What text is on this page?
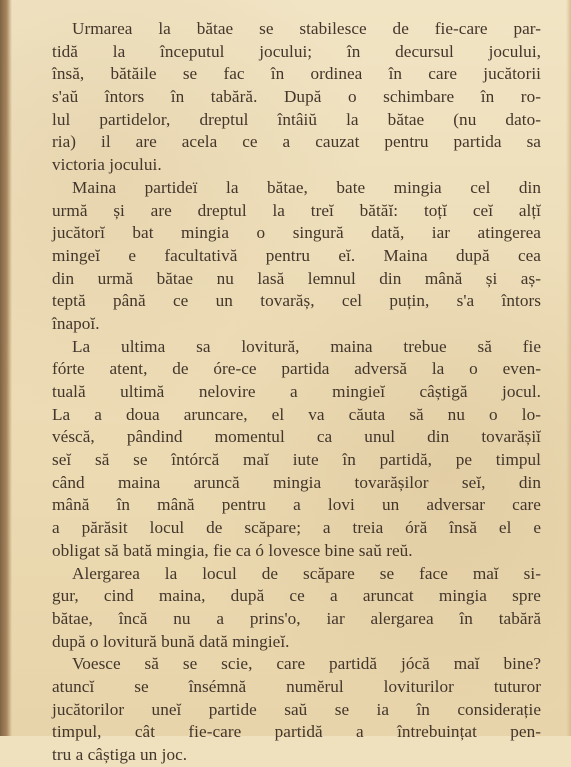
Urmarea la bătae se stabilesce de fie-care par-
tidă la începutul jocului; în decursul jocului,
însă, bătăile se fac în ordinea în care jucătorii
s'aŭ întors în tabără. După o schimbare în ro-
lul partidelor, dreptul întâiŭ la bătae (nu dato-
ria) il are acela ce a cauzat pentru partida sa
victoria jocului.
Maina partideï la bătae, bate mingia cel din
urmă și are dreptul la treĭ bătăĭ: toțĭ ceĭ alțĭ
jucătorĭ bat mingia o singură dată, iar atingerea
mingeĭ e facultativă pentru eĭ. Maina după cea
din urmă bătae nu lasă lemnul din mână și aș-
teptă până ce un tovarăș, cel puțin, s'a întors
înapoĭ.
La ultima sa lovitură, maina trebue să fie
fórte atent, de óre-ce partida adversă la o even-
tuală ultimă nelovire a mingieĭ câștigă jocul.
La a doua aruncare, el va căuta să nu o lo-
véscă, pândind momentul ca unul din tovarășiĭ
seĭ să se întórcă maĭ iute în partidă, pe timpul
când maina aruncă mingia tovarășilor seĭ, din
mână în mână pentru a lovi un adversar care
a părăsit locul de scăpare; a treia óră însă el e
obligat să bată mingia, fie ca ó lovesce bine saŭ reŭ.
Alergarea la locul de scăpare se face maĭ si-
gur, cind maina, după ce a aruncat mingia spre
bătae, încă nu a prins'o, iar alergarea în tabără
după o lovitură bună dată mingieĭ.
Voesce să se scie, care partidă jócă maĭ bine?
atuncĭ se însémnă numĕrul loviturilor tuturor
jucătorilor uneĭ partide saŭ se ia în considerație
timpul, cât fie-care partidă a întrebuințat pen-
tru a câștiga un joc.
